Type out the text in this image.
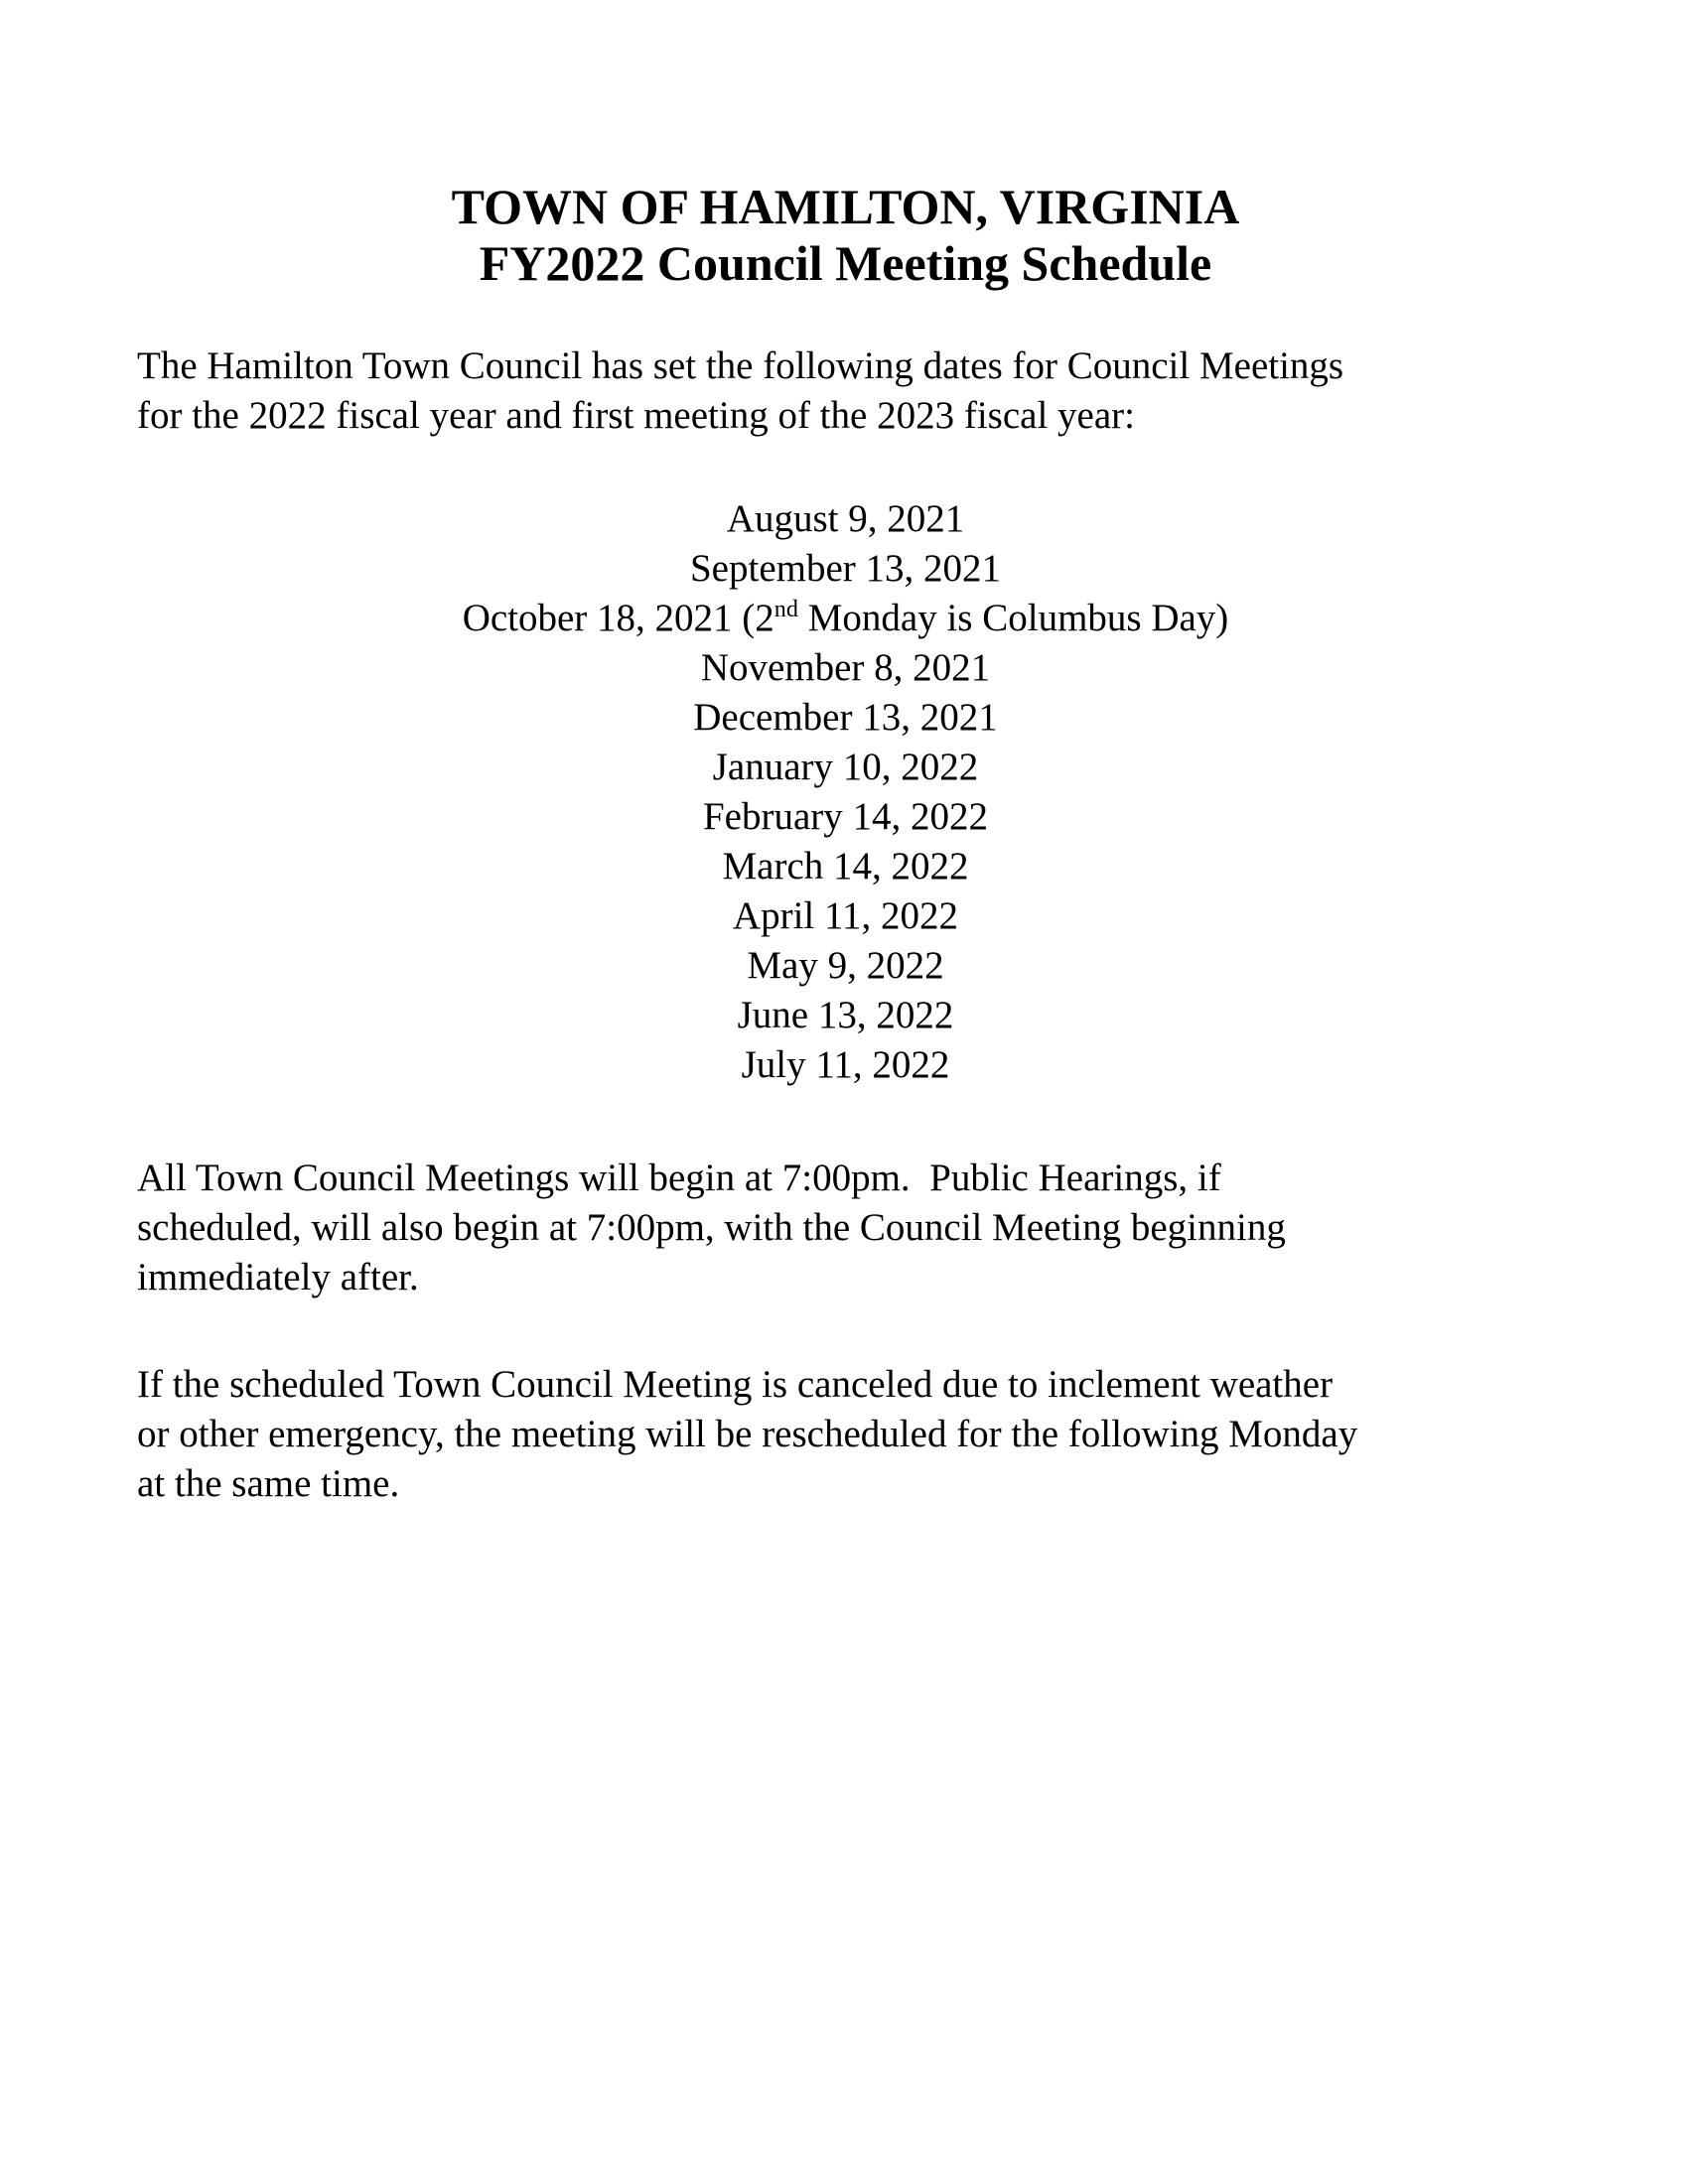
TOWN OF HAMILTON, VIRGINIA
FY2022 Council Meeting Schedule
The Hamilton Town Council has set the following dates for Council Meetings
for the 2022 fiscal year and first meeting of the 2023 fiscal year:
August 9, 2021
September 13, 2021
October 18, 2021 (2nd Monday is Columbus Day)
November 8, 2021
December 13, 2021
January 10, 2022
February 14, 2022
March 14, 2022
April 11, 2022
May 9, 2022
June 13, 2022
July 11, 2022
All Town Council Meetings will begin at 7:00pm.  Public Hearings, if
scheduled, will also begin at 7:00pm, with the Council Meeting beginning
immediately after.
If the scheduled Town Council Meeting is canceled due to inclement weather
or other emergency, the meeting will be rescheduled for the following Monday
at the same time.
